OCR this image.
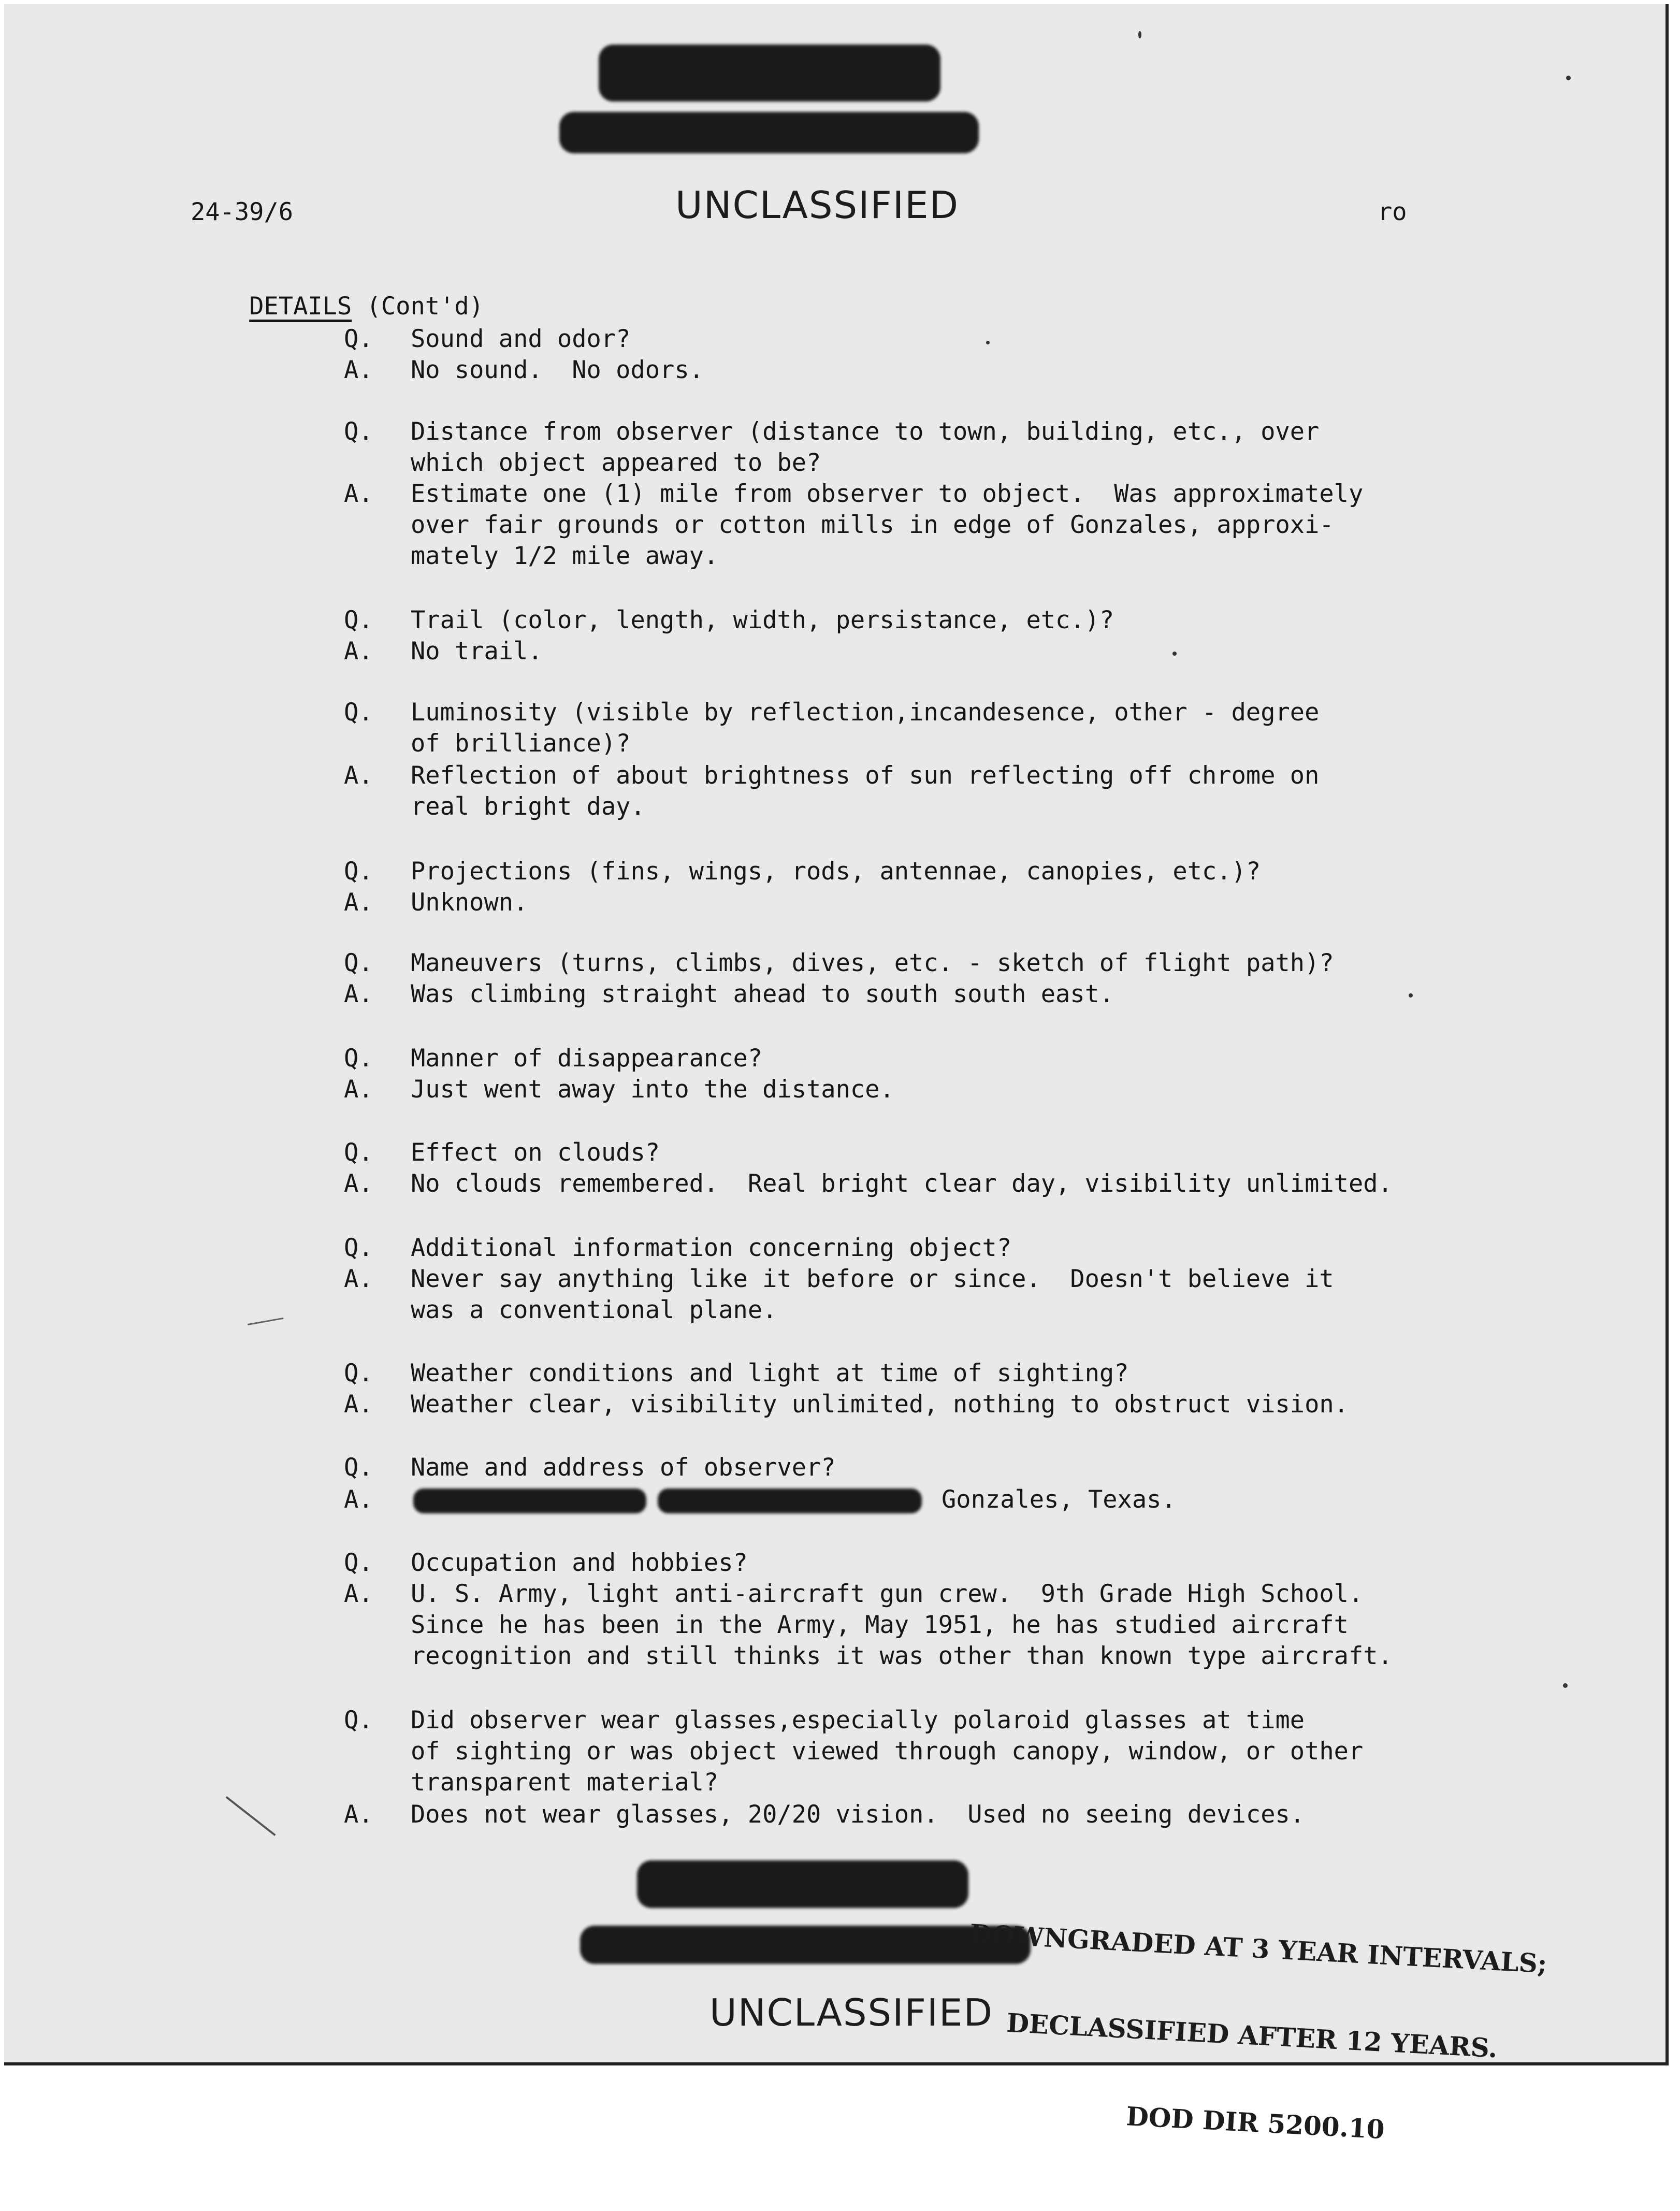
24-39/6	UNCLASSIFIED	ro

DETAILS (Cont'd)

Q. Sound and odor?
A. No sound.  No odors.
Q. Distance from observer (distance to town, building, etc., over
which object appeared to be?
A. Estimate one (1) mile from observer to object.  Was approximately
over fair grounds or cotton mills in edge of Gonzales, approxi-
mately 1/2 mile away.
Q. Trail (color, length, width, persistance, etc.)?
A. No trail.
Q. Luminosity (visible by reflection,incandesence, other - degree
of brilliance)?
A. Reflection of about brightness of sun reflecting off chrome on
real bright day.
Q. Projections (fins, wings, rods, antennae, canopies, etc.)?
A. Unknown.
Q. Maneuvers (turns, climbs, dives, etc. - sketch of flight path)?
A. Was climbing straight ahead to south south east.
Q. Manner of disappearance?
A. Just went away into the distance.
Q. Effect on clouds?
A. No clouds remembered.  Real bright clear day, visibility unlimited.
Q. Additional information concerning object?
A. Never say anything like it before or since.  Doesn't believe it
was a conventional plane.
Q. Weather conditions and light at time of sighting?
A. Weather clear, visibility unlimited, nothing to obstruct vision.
Q. Name and address of observer?
A.	Gonzales, Texas.
Q. Occupation and hobbies?
A. U. S. Army, light anti-aircraft gun crew.  9th Grade High School.
Since he has been in the Army, May 1951, he has studied aircraft
recognition and still thinks it was other than known type aircraft.
Q. Did observer wear glasses,especially polaroid glasses at time
of sighting or was object viewed through canopy, window, or other
transparent material?
A. Does not wear glasses, 20/20 vision.  Used no seeing devices.

DOWNGRADED AT 3 YEAR INTERVALS;

DECLASSIFIED AFTER 12 YEARS.

DOD DIR 5200.10

UNCLASSIFIED
